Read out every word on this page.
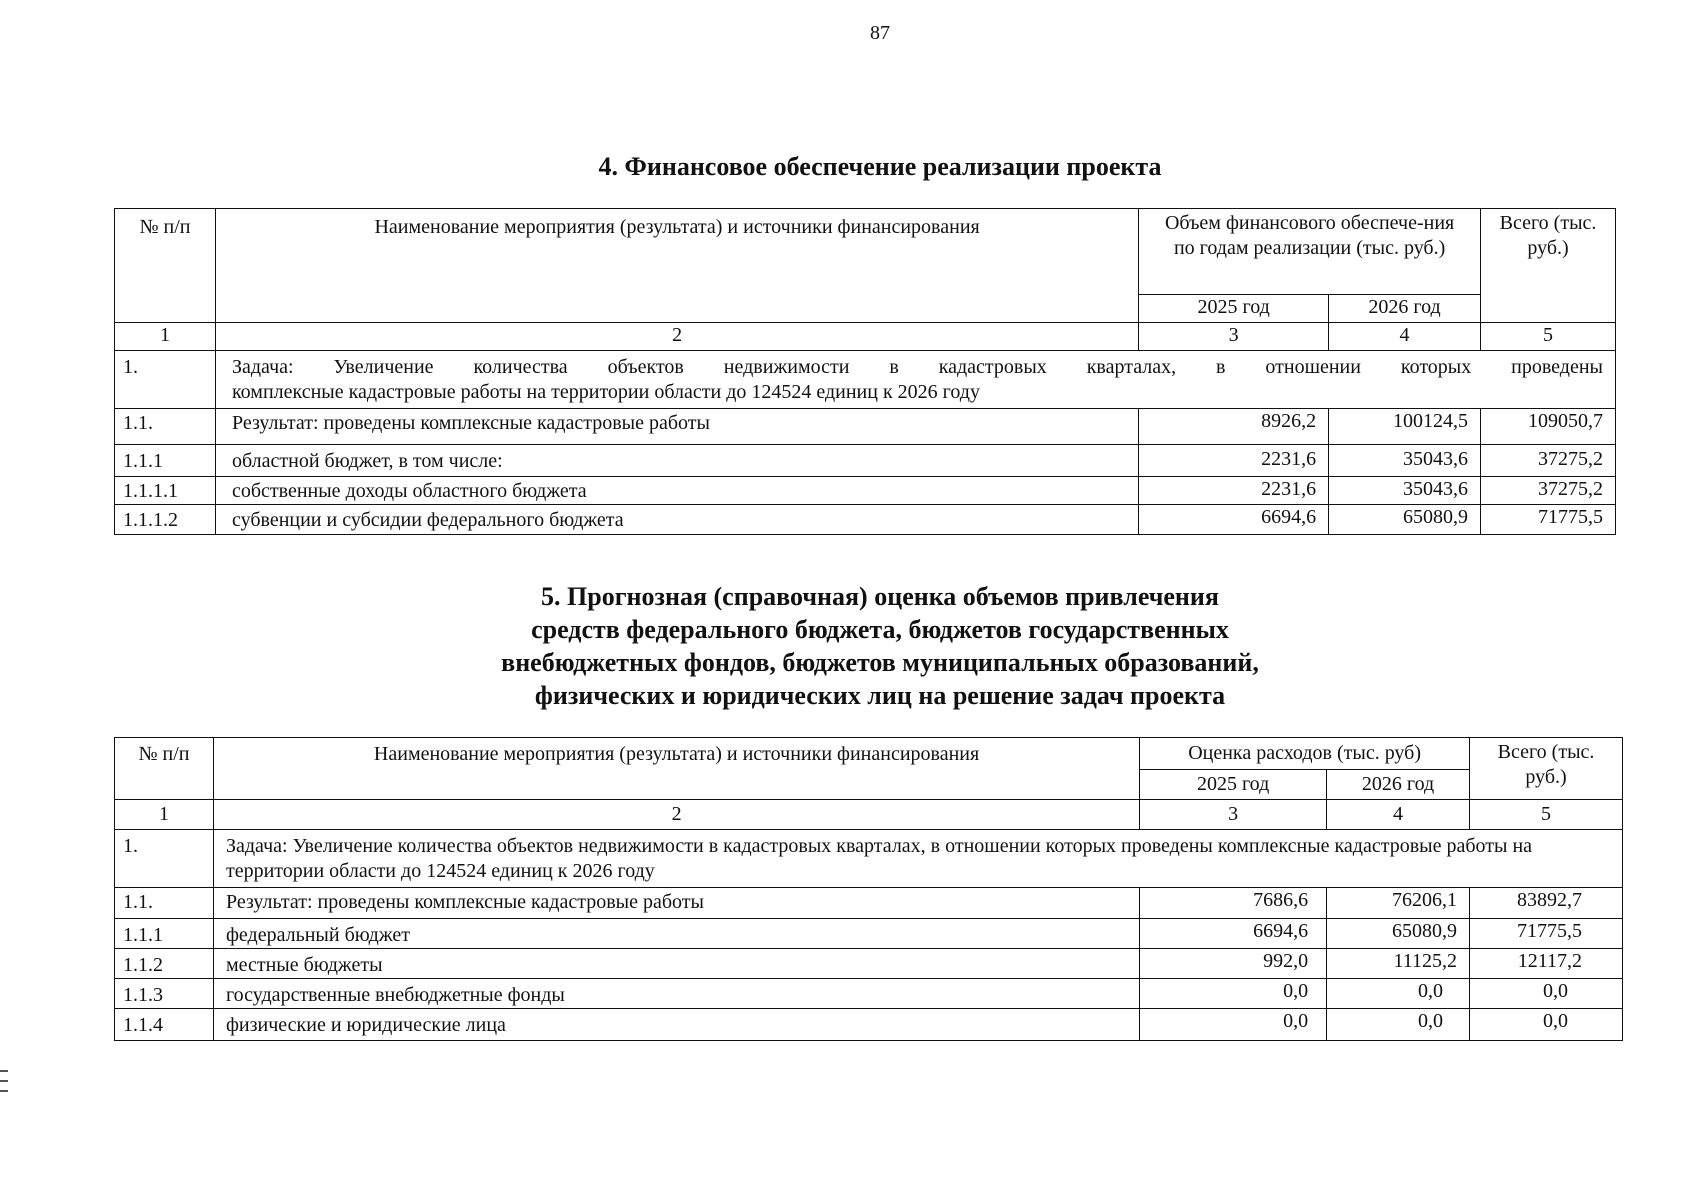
87
4. Финансовое обеспечение реализации проекта
№ п/п	Наименование мероприятия (результата) и источники финансирования	Объем финансового обеспече-ния по годам реализации (тыс. руб.)		Всего (тыс. руб.)
		2025 год	2026 год	
1	2	3	4	5
1.	Задача: Увеличение количества объектов недвижимости в кадастровых кварталах, в отношении которых проведены
комплексные кадастровые работы на территории области до 124524 единиц к 2026 году			

1.1.	Результат: проведены комплексные кадастровые работы	8926,2	100124,5	109050,7
1.1.1	областной бюджет, в том числе:	2231,6	35043,6	37275,2
1.1.1.1	собственные доходы областного бюджета	2231,6	35043,6	37275,2
1.1.1.2	субвенции и субсидии федерального бюджета	6694,6	65080,9	71775,5
5. Прогнозная (справочная) оценка объемов привлечения
средств федерального бюджета, бюджетов государственных
внебюджетных фондов, бюджетов муниципальных образований,
физических и юридических лиц на решение задач проекта
№ п/п	Наименование мероприятия (результата) и источники финансирования	Оценка расходов (тыс. руб)		Всего (тыс. руб.)
		2025 год	2026 год	
1	2	3	4	5
1.	Задача: Увеличение количества объектов недвижимости в кадастровых кварталах, в отношении которых проведены комплексные кадастровые работы на территории области до 124524 единиц к 2026 году			
1.1.	Результат: проведены комплексные кадастровые работы	7686,6	76206,1	83892,7
1.1.1	федеральный бюджет	6694,6	65080,9	71775,5
1.1.2	местные бюджеты	992,0	11125,2	12117,2
1.1.3	государственные внебюджетные фонды	0,0	0,0	0,0
1.1.4	физические и юридические лица	0,0	0,0	0,0
